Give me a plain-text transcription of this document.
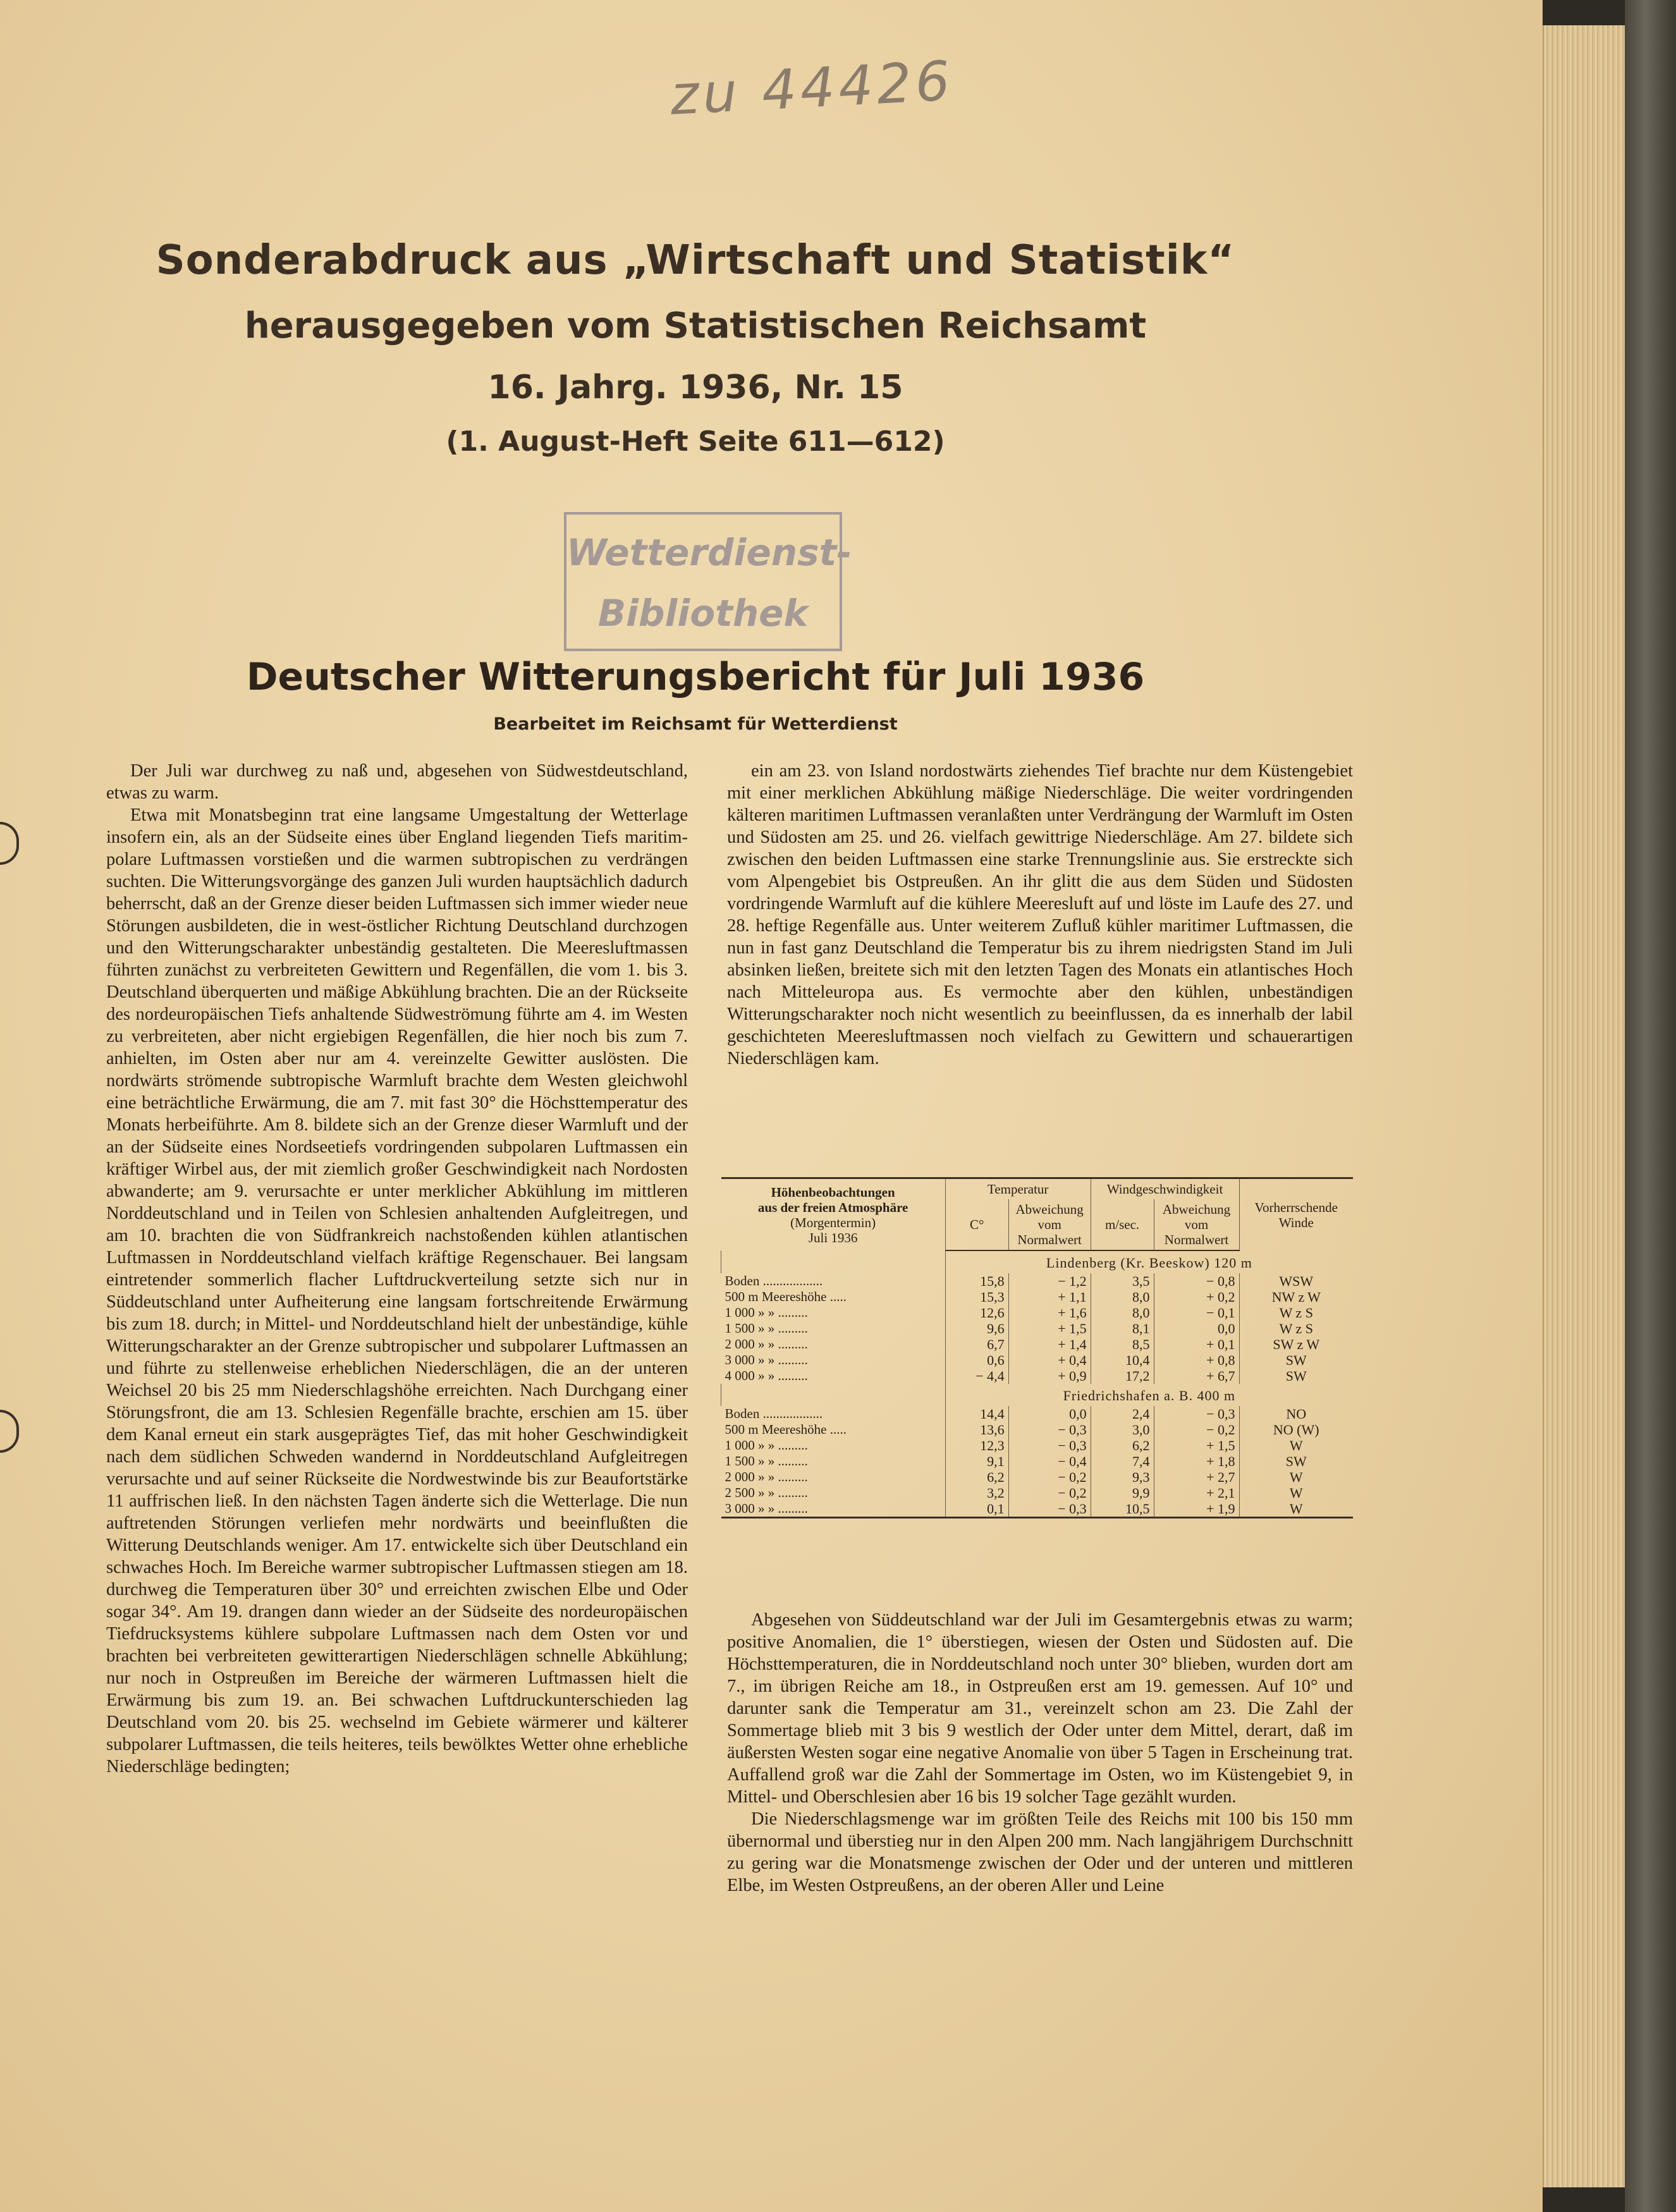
zu 44426
Sonderabdruck aus „Wirtschaft und Statistik“
herausgegeben vom Statistischen Reichsamt
16. Jahrg. 1936, Nr. 15
(1. August-Heft Seite 611—612)
Wetterdienst-
Bibliothek
Deutscher Witterungsbericht für Juli 1936
Bearbeitet im Reichsamt für Wetterdienst

Der Juli war durchweg zu naß und, abgesehen von Südwestdeutschland, etwas zu warm.

Etwa mit Monatsbeginn trat eine langsame Umgestaltung der Wetterlage insofern ein, als an der Südseite eines über England liegenden Tiefs maritim-polare Luftmassen vorstießen und die warmen subtropischen zu verdrängen suchten. Die Witterungsvorgänge des ganzen Juli wurden hauptsächlich dadurch beherrscht, daß an der Grenze dieser beiden Luftmassen sich immer wieder neue Störungen ausbildeten, die in west-östlicher Richtung Deutschland durchzogen und den Witterungscharakter unbeständig gestalteten. Die Meeresluftmassen führten zunächst zu verbreiteten Gewittern und Regenfällen, die vom 1. bis 3. Deutschland überquerten und mäßige Abkühlung brachten. Die an der Rückseite des nordeuropäischen Tiefs anhaltende Südweströmung führte am 4. im Westen zu verbreiteten, aber nicht ergiebigen Regenfällen, die hier noch bis zum 7. anhielten, im Osten aber nur am 4. vereinzelte Gewitter auslösten. Die nordwärts strömende subtropische Warmluft brachte dem Westen gleichwohl eine beträchtliche Erwärmung, die am 7. mit fast 30° die Höchsttemperatur des Monats herbeiführte. Am 8. bildete sich an der Grenze dieser Warmluft und der an der Südseite eines Nordseetiefs vordringenden subpolaren Luftmassen ein kräftiger Wirbel aus, der mit ziemlich großer Geschwindigkeit nach Nordosten abwanderte; am 9. verursachte er unter merklicher Abkühlung im mittleren Norddeutschland und in Teilen von Schlesien anhaltenden Aufgleitregen, und am 10. brachten die von Südfrankreich nachstoßenden kühlen atlantischen Luftmassen in Norddeutschland vielfach kräftige Regenschauer. Bei langsam eintretender sommerlich flacher Luftdruckverteilung setzte sich nur in Süddeutschland unter Aufheiterung eine langsam fortschreitende Erwärmung bis zum 18. durch; in Mittel- und Norddeutschland hielt der unbeständige, kühle Witterungscharakter an der Grenze subtropischer und subpolarer Luftmassen an und führte zu stellenweise erheblichen Niederschlägen, die an der unteren Weichsel 20 bis 25 mm Niederschlagshöhe erreichten. Nach Durchgang einer Störungsfront, die am 13. Schlesien Regenfälle brachte, erschien am 15. über dem Kanal erneut ein stark ausgeprägtes Tief, das mit hoher Geschwindigkeit nach dem südlichen Schweden wandernd in Norddeutschland Aufgleitregen verursachte und auf seiner Rückseite die Nordwestwinde bis zur Beaufortstärke 11 auffrischen ließ. In den nächsten Tagen änderte sich die Wetterlage. Die nun auftretenden Störungen verliefen mehr nordwärts und beeinflußten die Witterung Deutschlands weniger. Am 17. entwickelte sich über Deutschland ein schwaches Hoch. Im Bereiche warmer subtropischer Luftmassen stiegen am 18. durchweg die Temperaturen über 30° und erreichten zwischen Elbe und Oder sogar 34°. Am 19. drangen dann wieder an der Südseite des nordeuropäischen Tiefdrucksystems kühlere subpolare Luftmassen nach dem Osten vor und brachten bei verbreiteten gewitterartigen Niederschlägen schnelle Abkühlung; nur noch in Ostpreußen im Bereiche der wärmeren Luftmassen hielt die Erwärmung bis zum 19. an. Bei schwachen Luftdruckunterschieden lag Deutschland vom 20. bis 25. wechselnd im Gebiete wärmerer und kälterer subpolarer Luftmassen, die teils heiteres, teils bewölktes Wetter ohne erhebliche Niederschläge bedingten;

ein am 23. von Island nordostwärts ziehendes Tief brachte nur dem Küstengebiet mit einer merklichen Abkühlung mäßige Niederschläge. Die weiter vordringenden kälteren maritimen Luftmassen veranlaßten unter Verdrängung der Warmluft im Osten und Südosten am 25. und 26. vielfach gewittrige Niederschläge. Am 27. bildete sich zwischen den beiden Luftmassen eine starke Trennungslinie aus. Sie erstreckte sich vom Alpengebiet bis Ostpreußen. An ihr glitt die aus dem Süden und Südosten vordringende Warmluft auf die kühlere Meeresluft auf und löste im Laufe des 27. und 28. heftige Regenfälle aus. Unter weiterem Zufluß kühler maritimer Luftmassen, die nun in fast ganz Deutschland die Temperatur bis zu ihrem niedrigsten Stand im Juli absinken ließen, breitete sich mit den letzten Tagen des Monats ein atlantisches Hoch nach Mitteleuropa aus. Es vermochte aber den kühlen, unbeständigen Witterungscharakter noch nicht wesentlich zu beeinflussen, da es innerhalb der labil geschichteten Meeresluftmassen noch vielfach zu Gewittern und schauerartigen Niederschlägen kam.

Höhenbeobachtungen
aus der freien Atmosphäre
(Morgentermin)
Juli 1936	Temperatur		Windgeschwindigkeit		Vorherrschende Winde
	C°	Abweichung vom Normalwert	m/sec.	Abweichung vom Normalwert	
	Lindenberg (Kr. Beeskow) 120 m				
Boden ..................	15,8	− 1,2	3,5	− 0,8	WSW
500 m Meereshöhe .....	15,3	+ 1,1	8,0	+ 0,2	NW z W
1 000 » » .........	12,6	+ 1,6	8,0	− 0,1	W z S
1 500 » » .........	9,6	+ 1,5	8,1	0,0	W z S
2 000 » » .........	6,7	+ 1,4	8,5	+ 0,1	SW z W
3 000 » » .........	0,6	+ 0,4	10,4	+ 0,8	SW
4 000 » » .........	− 4,4	+ 0,9	17,2	+ 6,7	SW
	Friedrichshafen a. B. 400 m				
Boden ..................	14,4	0,0	2,4	− 0,3	NO
500 m Meereshöhe .....	13,6	− 0,3	3,0	− 0,2	NO (W)
1 000 » » .........	12,3	− 0,3	6,2	+ 1,5	W
1 500 » » .........	9,1	− 0,4	7,4	+ 1,8	SW
2 000 » » .........	6,2	− 0,2	9,3	+ 2,7	W
2 500 » » .........	3,2	− 0,2	9,9	+ 2,1	W
3 000 » » .........	0,1	− 0,3	10,5	+ 1,9	W

Abgesehen von Süddeutschland war der Juli im Gesamtergebnis etwas zu warm; positive Anomalien, die 1° überstiegen, wiesen der Osten und Südosten auf. Die Höchsttemperaturen, die in Norddeutschland noch unter 30° blieben, wurden dort am 7., im übrigen Reiche am 18., in Ostpreußen erst am 19. gemessen. Auf 10° und darunter sank die Temperatur am 31., vereinzelt schon am 23. Die Zahl der Sommertage blieb mit 3 bis 9 westlich der Oder unter dem Mittel, derart, daß im äußersten Westen sogar eine negative Anomalie von über 5 Tagen in Erscheinung trat. Auffallend groß war die Zahl der Sommertage im Osten, wo im Küstengebiet 9, in Mittel- und Oberschlesien aber 16 bis 19 solcher Tage gezählt wurden.

Die Niederschlagsmenge war im größten Teile des Reichs mit 100 bis 150 mm übernormal und überstieg nur in den Alpen 200 mm. Nach langjährigem Durchschnitt zu gering war die Monatsmenge zwischen der Oder und der unteren und mittleren Elbe, im Westen Ostpreußens, an der oberen Aller und Leine
